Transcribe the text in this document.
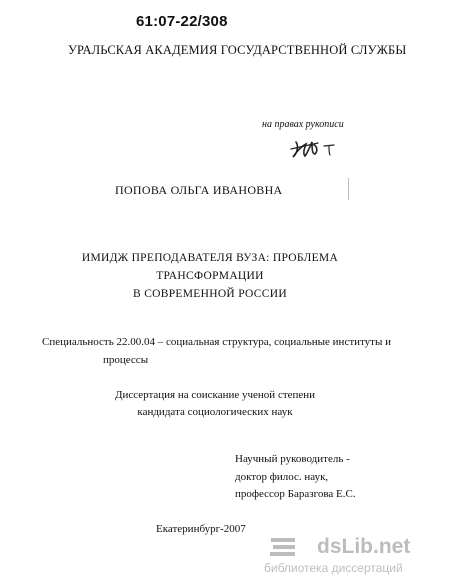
61:07-22/308
УРАЛЬСКАЯ АКАДЕМИЯ ГОСУДАРСТВЕННОЙ СЛУЖБЫ
на правах рукописи
ПОПОВА ОЛЬГА ИВАНОВНА
ИМИДЖ ПРЕПОДАВАТЕЛЯ ВУЗА: ПРОБЛЕМА
ТРАНСФОРМАЦИИ
В СОВРЕМЕННОЙ РОССИИ
Специальность 22.00.04 – социальная структура, социальные институты и
процессы
Диссертация на соискание ученой степени
кандидата социологических наук
Научный руководитель -
доктор филос. наук,
профессор Баразгова Е.С.
Екатеринбург-2007
dsLib.net
библиотека диссертаций
